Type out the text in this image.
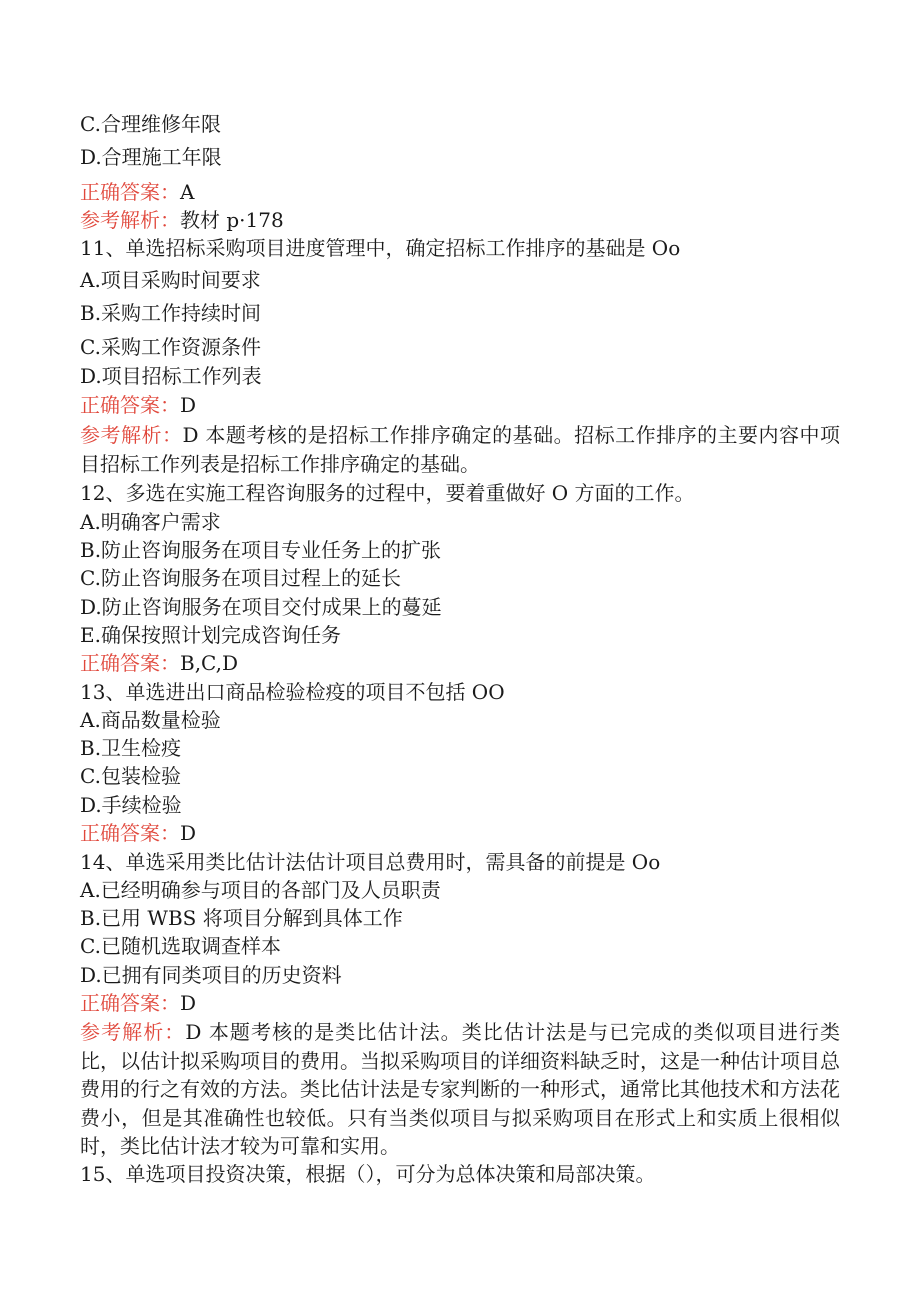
C.合理维修年限
D.合理施工年限
正确答案：A
参考解析：教材 p·178
11、单选招标采购项目进度管理中，确定招标工作排序的基础是 Oo
A.项目采购时间要求
B.采购工作持续时间
C.采购工作资源条件
D.项目招标工作列表
正确答案：D
参考解析：D 本题考核的是招标工作排序确定的基础。招标工作排序的主要内容中项目招标工作列表是招标工作排序确定的基础。
12、多选在实施工程咨询服务的过程中，要着重做好 O 方面的工作。
A.明确客户需求
B.防止咨询服务在项目专业任务上的扩张
C.防止咨询服务在项目过程上的延长
D.防止咨询服务在项目交付成果上的蔓延
E.确保按照计划完成咨询任务
正确答案：B,C,D
13、单选进出口商品检验检疫的项目不包括 OO
A.商品数量检验
B.卫生检疫
C.包装检验
D.手续检验
正确答案：D
14、单选采用类比估计法估计项目总费用时，需具备的前提是 Oo
A.已经明确参与项目的各部门及人员职责
B.已用 WBS 将项目分解到具体工作
C.已随机选取调查样本
D.已拥有同类项目的历史资料
正确答案：D
参考解析：D 本题考核的是类比估计法。类比估计法是与已完成的类似项目进行类比，以估计拟采购项目的费用。当拟采购项目的详细资料缺乏时，这是一种估计项目总费用的行之有效的方法。类比估计法是专家判断的一种形式，通常比其他技术和方法花费小，但是其准确性也较低。只有当类似项目与拟采购项目在形式上和实质上很相似时，类比估计法才较为可靠和实用。
15、单选项目投资决策，根据（），可分为总体决策和局部决策。
